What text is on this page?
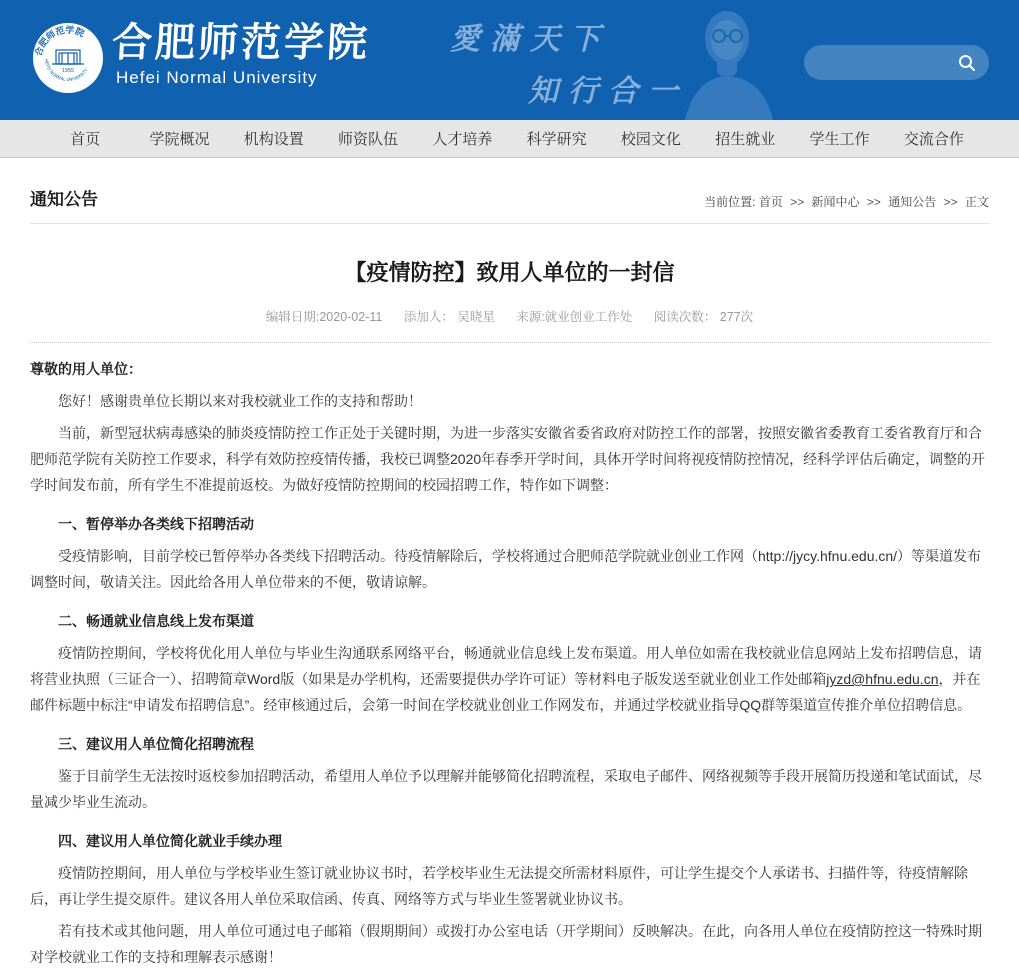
合肥师范学院
1955
HEFEI NORMAL UNIVERSITY
合肥师范学院
Hefei Normal University
愛滿天下
知行合一
首页	学院概况	机构设置	师资队伍	人才培养	科学研究	校园文化	招生就业	学生工作	交流合作
通知公告	当前位置: 首页 >> 新闻中心 >> 通知公告 >> 正文
【疫情防控】致用人单位的一封信
编辑日期:2020-02-11 添加人： 吴晓星 来源:就业创业工作处 阅读次数： 277次

尊敬的用人单位：

您好！感谢贵单位长期以来对我校就业工作的支持和帮助！

当前，新型冠状病毒感染的肺炎疫情防控工作正处于关键时期，为进一步落实安徽省委省政府对防控工作的部署，按照安徽省委教育工委省教育厅和合肥师范学院有关防控工作要求，科学有效防控疫情传播，我校已调整2020年春季开学时间，具体开学时间将视疫情防控情况，经科学评估后确定，调整的开学时间发布前，所有学生不准提前返校。为做好疫情防控期间的校园招聘工作，特作如下调整：

一、暂停举办各类线下招聘活动

受疫情影响，目前学校已暂停举办各类线下招聘活动。待疫情解除后，学校将通过合肥师范学院就业创业工作网（http://jycy.hfnu.edu.cn/）等渠道发布调整时间，敬请关注。因此给各用人单位带来的不便，敬请谅解。

二、畅通就业信息线上发布渠道

疫情防控期间，学校将优化用人单位与毕业生沟通联系网络平台，畅通就业信息线上发布渠道。用人单位如需在我校就业信息网站上发布招聘信息，请将营业执照（三证合一）、招聘简章Word版（如果是办学机构，还需要提供办学许可证）等材料电子版发送至就业创业工作处邮箱jyzd@hfnu.edu.cn，并在邮件标题中标注“申请发布招聘信息”。经审核通过后，会第一时间在学校就业创业工作网发布，并通过学校就业指导QQ群等渠道宣传推介单位招聘信息。

三、建议用人单位简化招聘流程

鉴于目前学生无法按时返校参加招聘活动，希望用人单位予以理解并能够简化招聘流程，采取电子邮件、网络视频等手段开展简历投递和笔试面试，尽量减少毕业生流动。

四、建议用人单位简化就业手续办理

疫情防控期间，用人单位与学校毕业生签订就业协议书时，若学校毕业生无法提交所需材料原件，可让学生提交个人承诺书、扫描件等，待疫情解除后，再让学生提交原件。建议各用人单位采取信函、传真、网络等方式与毕业生签署就业协议书。

若有技术或其他问题，用人单位可通过电子邮箱（假期期间）或拨打办公室电话（开学期间）反映解决。在此，向各用人单位在疫情防控这一特殊时期对学校就业工作的支持和理解表示感谢！
